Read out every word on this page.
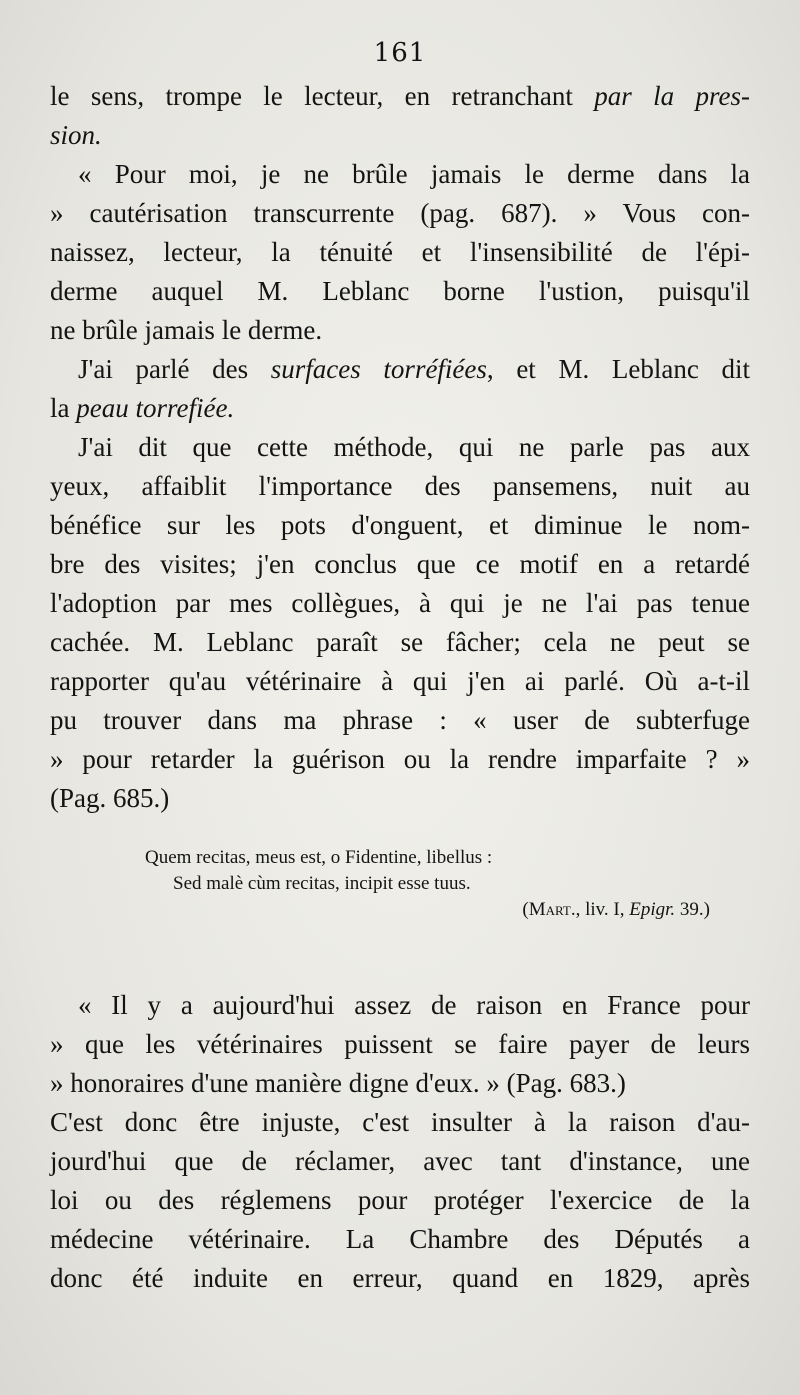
161
le sens, trompe le lecteur, en retranchant par la pres-
sion.
« Pour moi, je ne brûle jamais le derme dans la
» cautérisation transcurrente (pag. 687). » Vous con-
naissez, lecteur, la ténuité et l'insensibilité de l'épi-
derme auquel M. Leblanc borne l'ustion, puisqu'il
ne brûle jamais le derme.
J'ai parlé des surfaces torréfiées, et M. Leblanc dit
la peau torrefiée.
J'ai dit que cette méthode, qui ne parle pas aux
yeux, affaiblit l'importance des pansemens, nuit au
bénéfice sur les pots d'onguent, et diminue le nom-
bre des visites; j'en conclus que ce motif en a retardé
l'adoption par mes collègues, à qui je ne l'ai pas tenue
cachée. M. Leblanc paraît se fâcher; cela ne peut se
rapporter qu'au vétérinaire à qui j'en ai parlé. Où a-t-il
pu trouver dans ma phrase : « user de subterfuge
» pour retarder la guérison ou la rendre imparfaite ? »
(Pag. 685.)
Quem recitas, meus est, o Fidentine, libellus :
Sed malè cùm recitas, incipit esse tuus.
(Mart., liv. I, Epigr. 39.)
« Il y a aujourd'hui assez de raison en France pour
» que les vétérinaires puissent se faire payer de leurs
» honoraires d'une manière digne d'eux. » (Pag. 683.)
C'est donc être injuste, c'est insulter à la raison d'au-
jourd'hui que de réclamer, avec tant d'instance, une
loi ou des réglemens pour protéger l'exercice de la
médecine vétérinaire. La Chambre des Députés a
donc été induite en erreur, quand en 1829, après
